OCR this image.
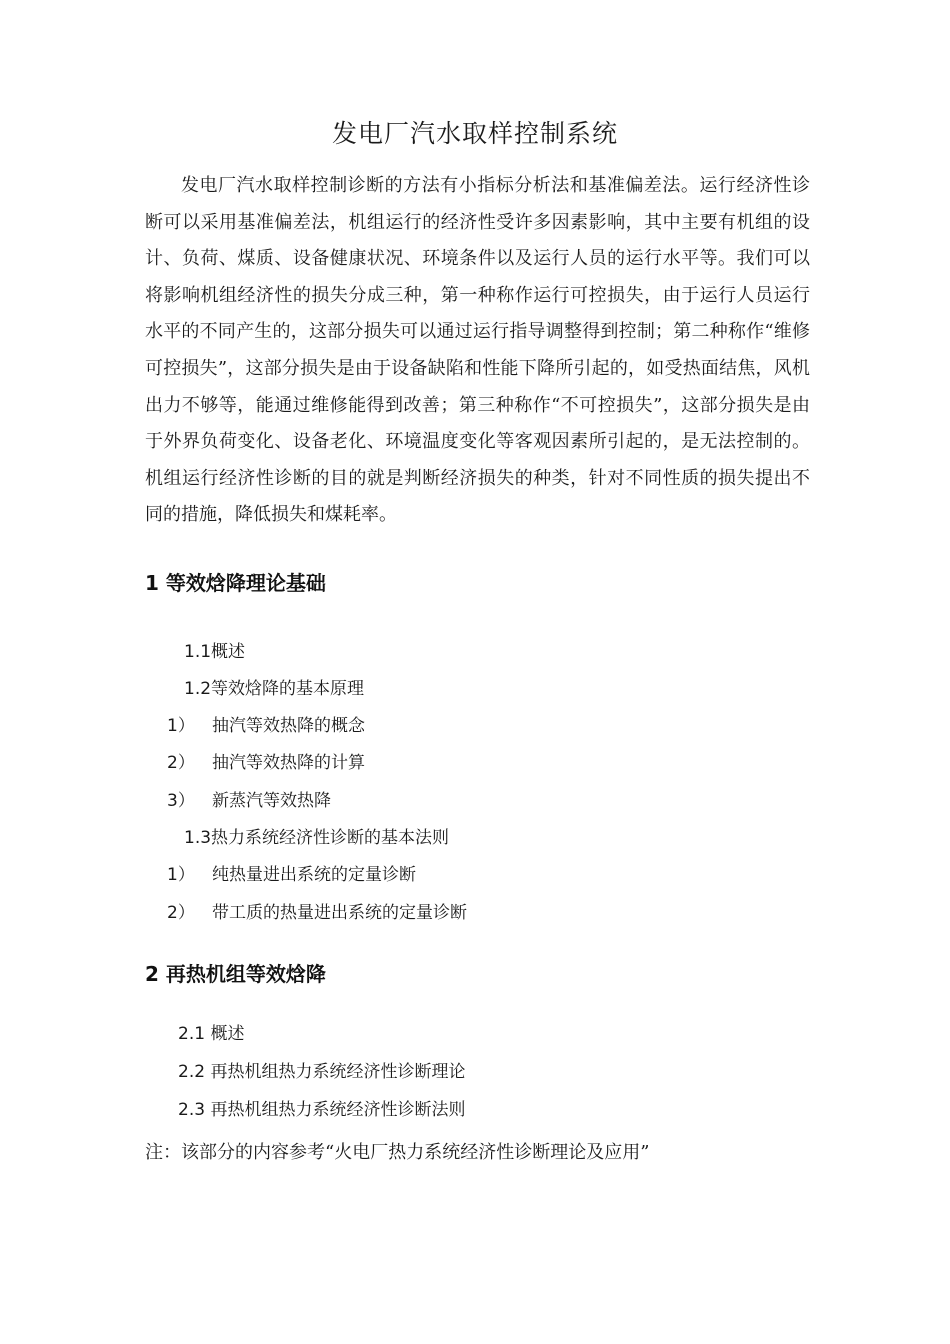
发电厂汽水取样控制系统

发电厂汽水取样控制诊断的方法有小指标分析法和基准偏差法。运行经济性诊断可以采用基准偏差法，机组运行的经济性受许多因素影响，其中主要有机组的设计、负荷、煤质、设备健康状况、环境条件以及运行人员的运行水平等。我们可以将影响机组经济性的损失分成三种，第一种称作运行可控损失，由于运行人员运行水平的不同产生的，这部分损失可以通过运行指导调整得到控制；第二种称作“维修可控损失”，这部分损失是由于设备缺陷和性能下降所引起的，如受热面结焦，风机出力不够等，能通过维修能得到改善；第三种称作“不可控损失”，这部分损失是由于外界负荷变化、设备老化、环境温度变化等客观因素所引起的，是无法控制的。机组运行经济性诊断的目的就是判断经济损失的种类，针对不同性质的损失提出不同的措施，降低损失和煤耗率。

1 等效焓降理论基础

1.1概述

1.2等效焓降的基本原理

1） 抽汽等效热降的概念

2） 抽汽等效热降的计算

3） 新蒸汽等效热降

1.3热力系统经济性诊断的基本法则

1） 纯热量进出系统的定量诊断

2） 带工质的热量进出系统的定量诊断

2 再热机组等效焓降

2.1 概述

2.2 再热机组热力系统经济性诊断理论

2.3 再热机组热力系统经济性诊断法则

注：该部分的内容参考“火电厂热力系统经济性诊断理论及应用”
